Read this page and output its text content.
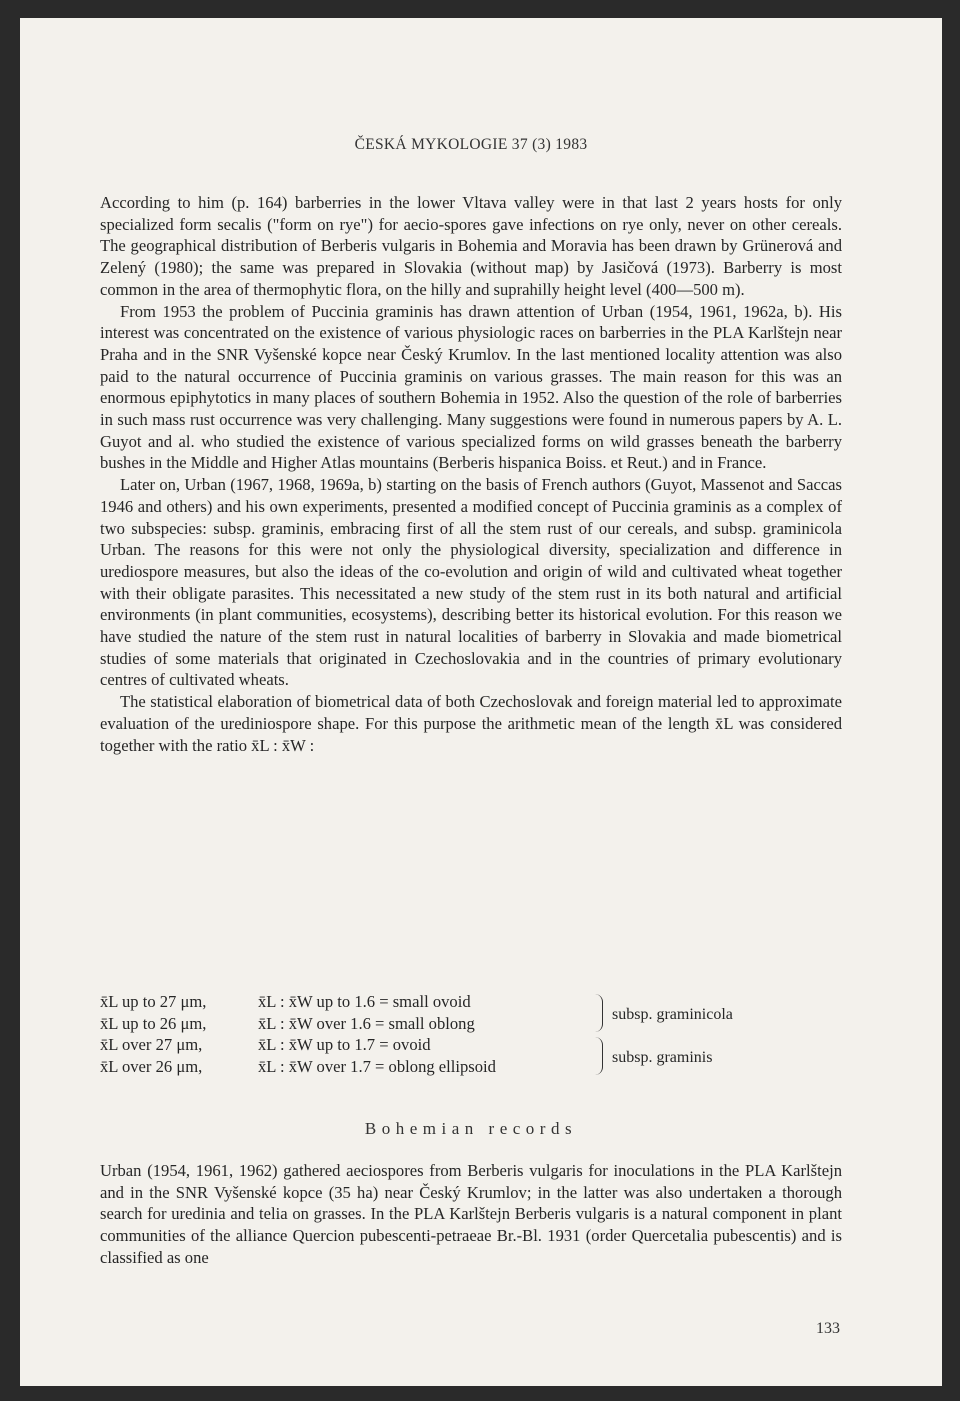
ČESKÁ MYKOLOGIE 37 (3) 1983

According to him (p. 164) barberries in the lower Vltava valley were in that last 2 years hosts for only specialized form secalis ("form on rye") for aecio-spores gave infections on rye only, never on other cereals. The geographical distribution of Berberis vulgaris in Bohemia and Moravia has been drawn by Grünerová and Zelený (1980); the same was prepared in Slovakia (without map) by Jasičová (1973). Barberry is most common in the area of thermophytic flora, on the hilly and suprahilly height level (400—500 m).

From 1953 the problem of Puccinia graminis has drawn attention of Urban (1954, 1961, 1962a, b). His interest was concentrated on the existence of various physiologic races on barberries in the PLA Karlštejn near Praha and in the SNR Vyšenské kopce near Český Krumlov. In the last mentioned locality attention was also paid to the natural occurrence of Puccinia graminis on various grasses. The main reason for this was an enormous epiphytotics in many places of southern Bohemia in 1952. Also the question of the role of barberries in such mass rust occurrence was very challenging. Many suggestions were found in numerous papers by A. L. Guyot and al. who studied the existence of various specialized forms on wild grasses beneath the barberry bushes in the Middle and Higher Atlas mountains (Berberis hispanica Boiss. et Reut.) and in France.

Later on, Urban (1967, 1968, 1969a, b) starting on the basis of French authors (Guyot, Massenot and Saccas 1946 and others) and his own experiments, presented a modified concept of Puccinia graminis as a complex of two subspecies: subsp. graminis, embracing first of all the stem rust of our cereals, and subsp. graminicola Urban. The reasons for this were not only the physiological diversity, specialization and difference in urediospore measures, but also the ideas of the co-evolution and origin of wild and cultivated wheat together with their obligate parasites. This necessitated a new study of the stem rust in its both natural and artificial environments (in plant communities, ecosystems), describing better its historical evolution. For this reason we have studied the nature of the stem rust in natural localities of barberry in Slovakia and made biometrical studies of some materials that originated in Czechoslovakia and in the countries of primary evolutionary centres of cultivated wheats.

The statistical elaboration of biometrical data of both Czechoslovak and foreign material led to approximate evaluation of the urediniospore shape. For this purpose the arithmetic mean of the length x̄L was considered together with the ratio x̄L : x̄W :

x̄L up to 27 μm,	x̄L : x̄W up to 1.6 = small ovoid
x̄L up to 26 μm,	x̄L : x̄W over 1.6 = small oblong
x̄L over 27 μm,	x̄L : x̄W up to 1.7 = ovoid
x̄L over 26 μm,	x̄L : x̄W over 1.7 = oblong ellipsoid
subsp. graminicola
subsp. graminis
Bohemian records

Urban (1954, 1961, 1962) gathered aeciospores from Berberis vulgaris for inoculations in the PLA Karlštejn and in the SNR Vyšenské kopce (35 ha) near Český Krumlov; in the latter was also undertaken a thorough search for uredinia and telia on grasses. In the PLA Karlštejn Berberis vulgaris is a natural component in plant communities of the alliance Quercion pubescenti-petraeae Br.-Bl. 1931 (order Quercetalia pubescentis) and is classified as one

133
